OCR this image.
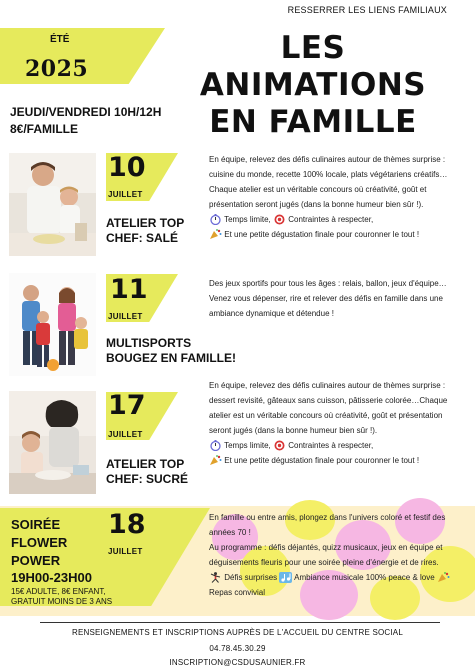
RESSERRER LES LIENS FAMILIAUX
ÉTÉ
2025
LES ANIMATIONS
EN FAMILLE
JEUDI/VENDREDI 10H/12H
8€/FAMILLE
10
JUILLET
ATELIER TOP
CHEF: SALÉ
En équipe, relevez des défis culinaires autour de thèmes surprise : cuisine du monde, recette 100% locale, plats végétariens créatifs… Chaque atelier est un véritable concours où créativité, goût et présentation seront jugés (dans la bonne humeur bien sûr !).
Temps limite, Contraintes à respecter,
Et une petite dégustation finale pour couronner le tout !
11
JUILLET
MULTISPORTS
BOUGEZ EN FAMILLE!
Des jeux sportifs pour tous les âges : relais, ballon, jeux d'équipe… Venez vous dépenser, rire et relever des défis en famille dans une ambiance dynamique et détendue !
17
JUILLET
ATELIER TOP
CHEF: SUCRÉ
En équipe, relevez des défis culinaires autour de thèmes surprise : dessert revisité, gâteaux sans cuisson, pâtisserie colorée…Chaque atelier est un véritable concours où créativité, goût et présentation seront jugés (dans la bonne humeur bien sûr !).
Temps limite, Contraintes à respecter,
Et une petite dégustation finale pour couronner le tout !
SOIRÉE
FLOWER
POWER
19H00-23H00
15€ ADULTE, 8€ ENFANT,
GRATUIT MOINS DE 3 ANS
18
JUILLET
En famille ou entre amis, plongez dans l'univers coloré et festif des années 70 !
Au programme : défis déjantés, quizz musicaux, jeux en équipe et déguisements fleuris pour une soirée pleine d'énergie et de rires.
Défis surprises Ambiance musicale 100% peace & love  Repas convivial
RENSEIGNEMENTS ET INSCRIPTIONS AUPRÈS DE L'ACCUEIL DU CENTRE SOCIAL
04.78.45.30.29
INSCRIPTION@CSDUSAUNIER.FR
